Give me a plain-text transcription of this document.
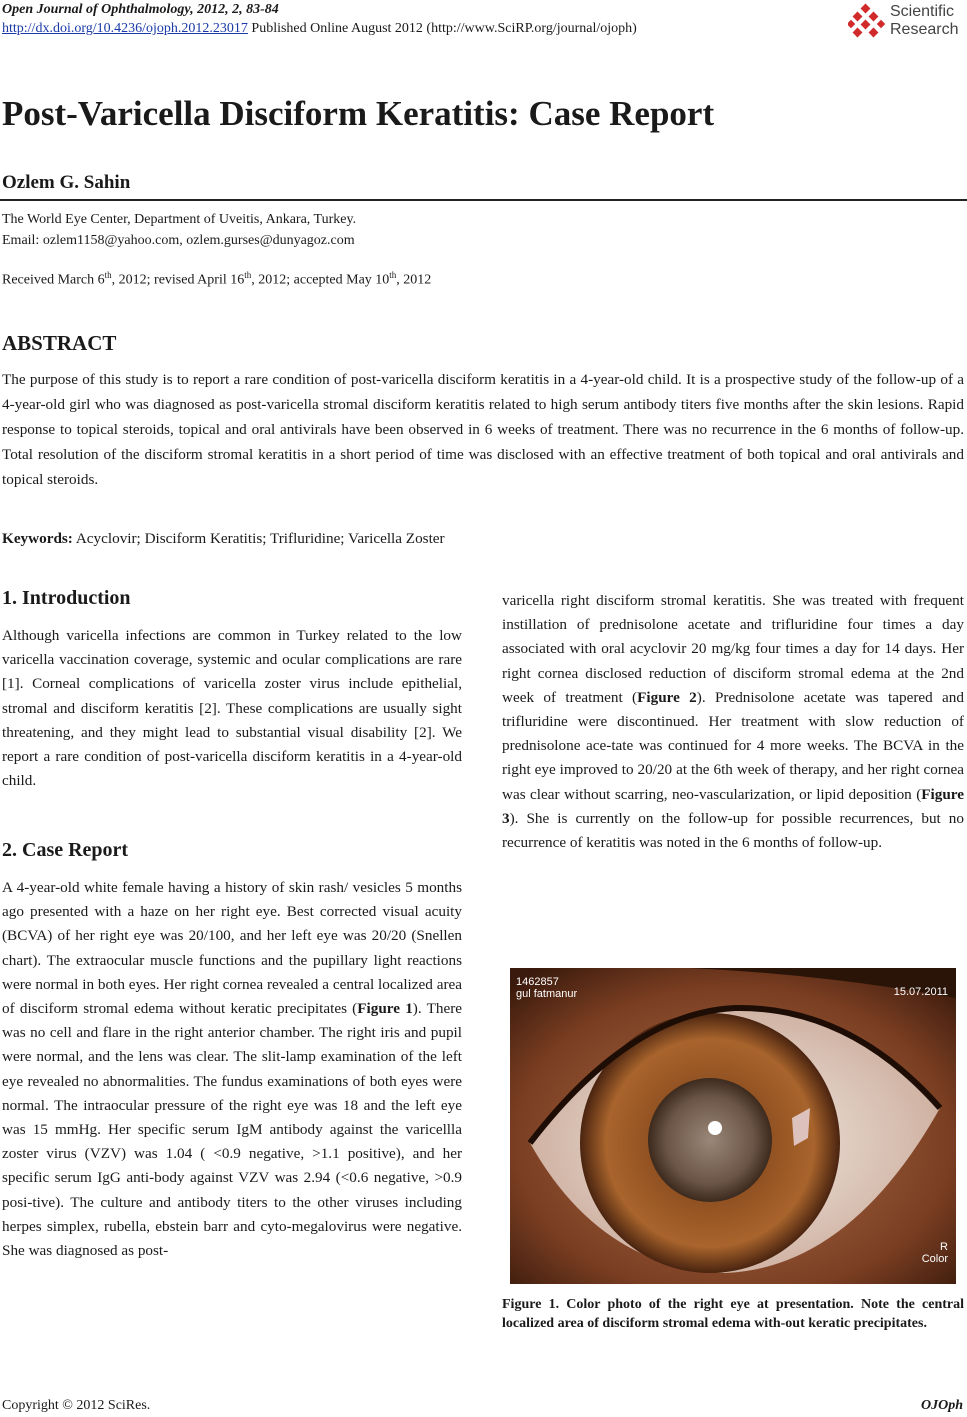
Open Journal of Ophthalmology, 2012, 2, 83-84
http://dx.doi.org/10.4236/ojoph.2012.23017 Published Online August 2012 (http://www.SciRP.org/journal/ojoph)
Scientific
Research
Post-Varicella Disciform Keratitis: Case Report
Ozlem G. Sahin
The World Eye Center, Department of Uveitis, Ankara, Turkey.
Email: ozlem1158@yahoo.com, ozlem.gurses@dunyagoz.com
Received March 6th, 2012; revised April 16th, 2012; accepted May 10th, 2012
ABSTRACT
The purpose of this study is to report a rare condition of post-varicella disciform keratitis in a 4-year-old child. It is a prospective study of the follow-up of a 4-year-old girl who was diagnosed as post-varicella stromal disciform keratitis related to high serum antibody titers five months after the skin lesions. Rapid response to topical steroids, topical and oral antivirals have been observed in 6 weeks of treatment. There was no recurrence in the 6 months of follow-up. Total resolution of the disciform stromal keratitis in a short period of time was disclosed with an effective treatment of both topical and oral antivirals and topical steroids.
Keywords: Acyclovir; Disciform Keratitis; Trifluridine; Varicella Zoster
1. Introduction
Although varicella infections are common in Turkey related to the low varicella vaccination coverage, systemic and ocular complications are rare [1]. Corneal complications of varicella zoster virus include epithelial, stromal and disciform keratitis [2]. These complications are usually sight threatening, and they might lead to substantial visual disability [2]. We report a rare condition of post-varicella disciform keratitis in a 4-year-old child.
2. Case Report
A 4-year-old white female having a history of skin rash/ vesicles 5 months ago presented with a haze on her right eye. Best corrected visual acuity (BCVA) of her right eye was 20/100, and her left eye was 20/20 (Snellen chart). The extraocular muscle functions and the pupillary light reactions were normal in both eyes. Her right cornea revealed a central localized area of disciform stromal edema without keratic precipitates (Figure 1). There was no cell and flare in the right anterior chamber. The right iris and pupil were normal, and the lens was clear. The slit-lamp examination of the left eye revealed no abnormalities. The fundus examinations of both eyes were normal. The intraocular pressure of the right eye was 18 and the left eye was 15 mmHg. Her specific serum IgM antibody against the varicellla zoster virus (VZV) was 1.04 ( <0.9 negative, >1.1 positive), and her specific serum IgG anti-body against VZV was 2.94 (<0.6 negative, >0.9 posi-tive). The culture and antibody titers to the other viruses including herpes simplex, rubella, ebstein barr and cyto-megalovirus were negative. She was diagnosed as post-
varicella right disciform stromal keratitis. She was treated with frequent instillation of prednisolone acetate and trifluridine four times a day associated with oral acyclovir 20 mg/kg four times a day for 14 days. Her right cornea disclosed reduction of disciform stromal edema at the 2nd week of treatment (Figure 2). Prednisolone acetate was tapered and trifluridine were discontinued. Her treatment with slow reduction of prednisolone ace-tate was continued for 4 more weeks. The BCVA in the right eye improved to 20/20 at the 6th week of therapy, and her right cornea was clear without scarring, neo-vascularization, or lipid deposition (Figure 3). She is currently on the follow-up for possible recurrences, but no recurrence of keratitis was noted in the 6 months of follow-up.
1462857
gul fatmanur	15.07.2011
R
Color
Figure 1. Color photo of the right eye at presentation. Note the central localized area of disciform stromal edema with-out keratic precipitates.
Copyright © 2012 SciRes.	OJOph
